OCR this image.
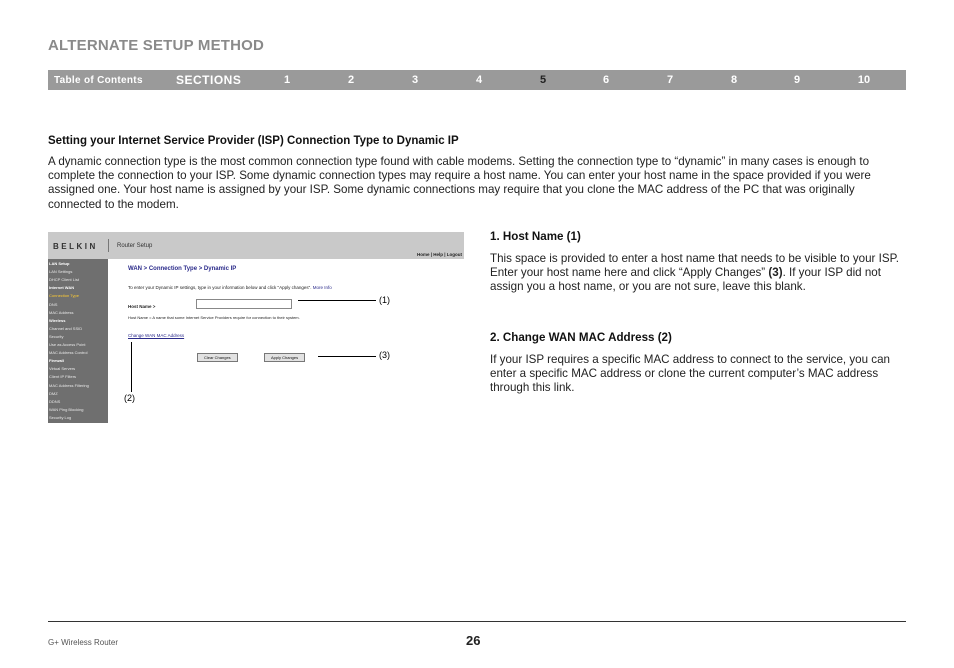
ALTERNATE SETUP METHOD
Table of Contents	SECTIONS	1	2	3	4	5	6	7	8	9	10
Setting your Internet Service Provider (ISP) Connection Type to Dynamic IP

A dynamic connection type is the most common connection type found with cable modems. Setting the connection type to “dynamic” in many cases is enough to complete the connection to your ISP. Some dynamic connection types may require a host name. You can enter your host name in the space provided if you were assigned one. Your host name is assigned by your ISP. Some dynamic connections may require that you clone the MAC address of the PC that was originally connected to the modem.

BELKIN	Router Setup
Home | Help | Logout
LAN Setup
LAN Settings
DHCP Client List
Internet WAN
Connection Type
DNS
MAC Address
Wireless
Channel and SSID
Security
Use as Access Point
MAC Address Control
Firewall
Virtual Servers
Client IP Filters
MAC Address Filtering
DMZ
DDNS
WAN Ping Blocking
Security Log
WAN > Connection Type > Dynamic IP
To enter your Dynamic IP settings, type in your information below and click "Apply changes". More Info
Host Name >
Host Name = A name that some Internet Service Providers require for connection to their system.
Change WAN MAC Address
Clear Changes	Apply Changes
(1)
(3)
(2)

1. Host Name (1)

This space is provided to enter a host name that needs to be visible to your ISP. Enter your host name here and click “Apply Changes” (3). If your ISP did not assign you a host name, or you are not sure, leave this blank.

2. Change WAN MAC Address (2)

If your ISP requires a specific MAC address to connect to the service, you can enter a specific MAC address or clone the current computer’s MAC address through this link.

G+ Wireless Router	26
